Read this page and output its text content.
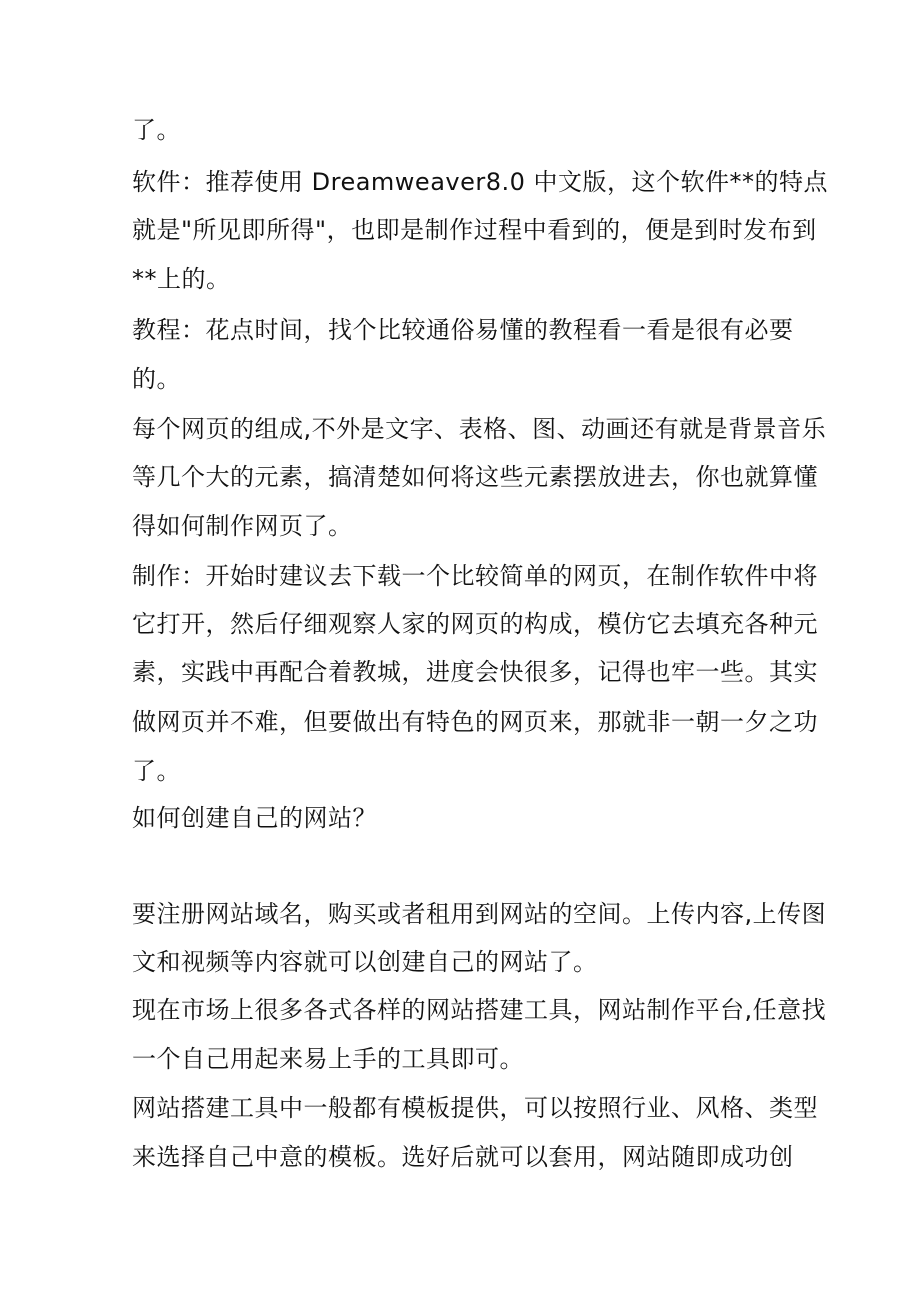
了。
软件：推荐使用 Dreamweaver8.0 中文版，这个软件**的特点
就是"所见即所得"，也即是制作过程中看到的，便是到时发布到
**上的。
教程：花点时间，找个比较通俗易懂的教程看一看是很有必要
的。
每个网页的组成,不外是文字、表格、图、动画还有就是背景音乐
等几个大的元素，搞清楚如何将这些元素摆放进去，你也就算懂
得如何制作网页了。
制作：开始时建议去下载一个比较简单的网页，在制作软件中将
它打开，然后仔细观察人家的网页的构成，模仿它去填充各种元
素，实践中再配合着教城，进度会快很多，记得也牢一些。其实
做网页并不难，但要做出有特色的网页来，那就非一朝一夕之功
了。
如何创建自己的网站？
要注册网站域名，购买或者租用到网站的空间。上传内容,上传图
文和视频等内容就可以创建自己的网站了。
现在市场上很多各式各样的网站搭建工具，网站制作平台,任意找
一个自己用起来易上手的工具即可。
网站搭建工具中一般都有模板提供，可以按照行业、风格、类型
来选择自己中意的模板。选好后就可以套用，网站随即成功创
